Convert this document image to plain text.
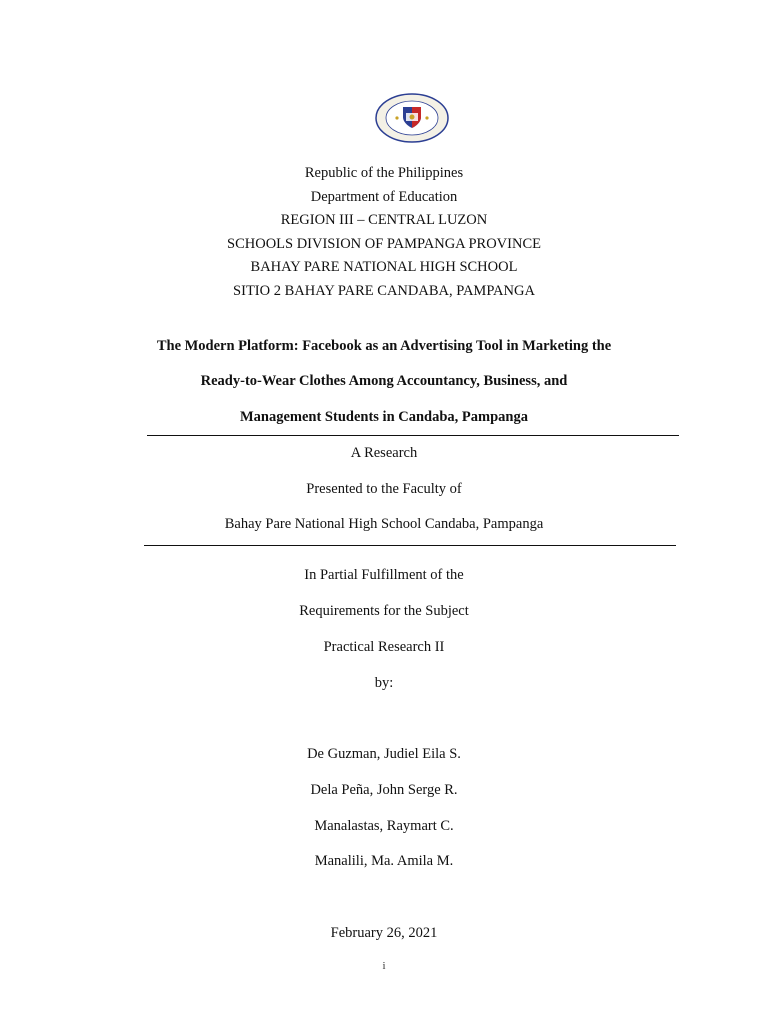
Republic of the Philippines
Department of Education
REGION III – CENTRAL LUZON
SCHOOLS DIVISION OF PAMPANGA PROVINCE
BAHAY PARE NATIONAL HIGH SCHOOL
SITIO 2 BAHAY PARE CANDABA, PAMPANGA
The Modern Platform: Facebook as an Advertising Tool in Marketing the
Ready-to-Wear Clothes Among Accountancy, Business, and
Management Students in Candaba, Pampanga
A Research
Presented to the Faculty of
Bahay Pare National High School Candaba, Pampanga
In Partial Fulfillment of the
Requirements for the Subject
Practical Research II
by:
De Guzman, Judiel Eila S.
Dela Peña, John Serge R.
Manalastas, Raymart C.
Manalili, Ma. Amila M.
February 26, 2021
i
